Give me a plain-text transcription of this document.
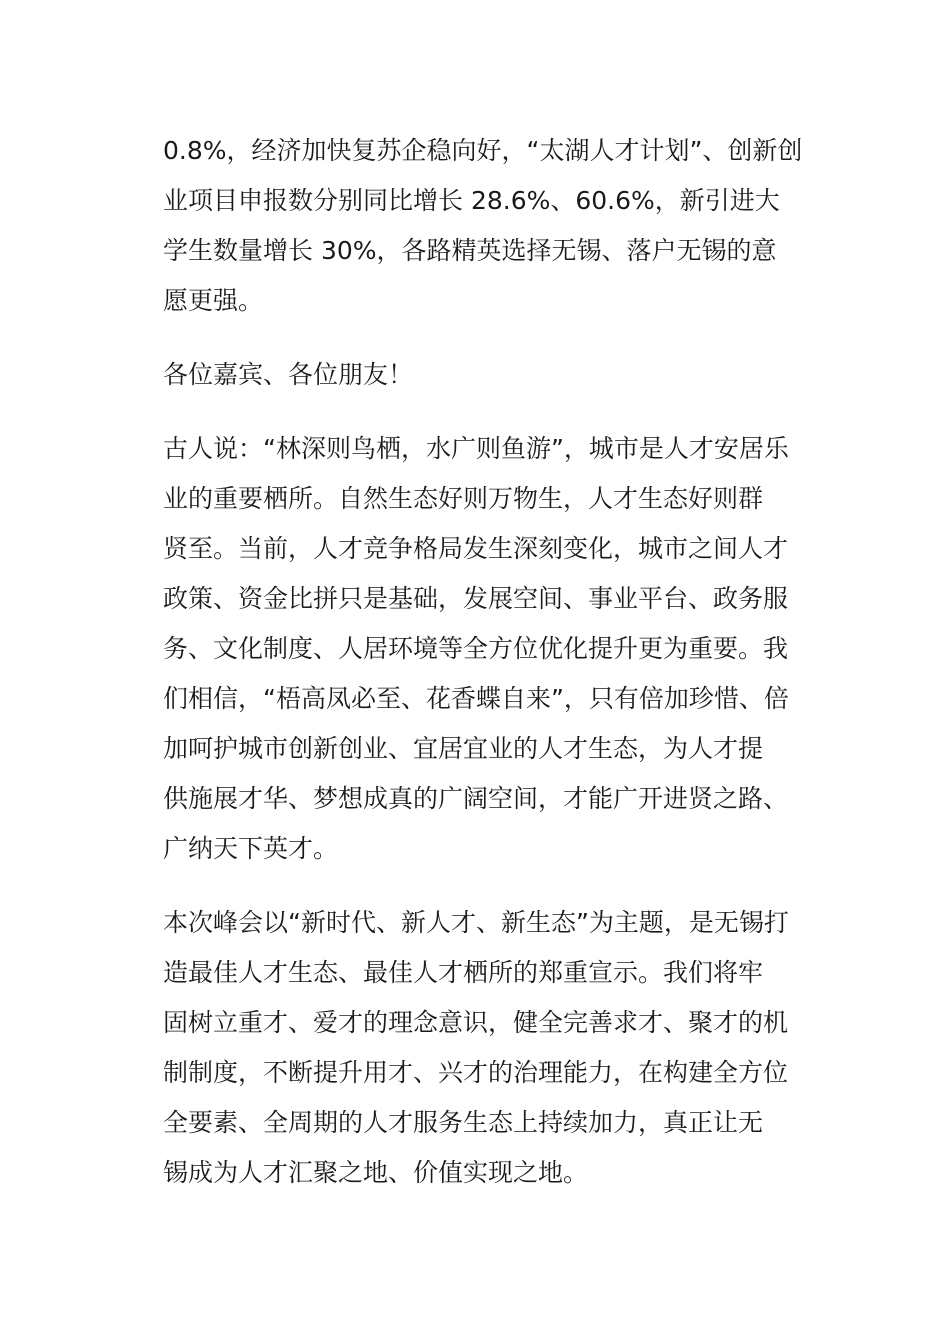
0.8%，经济加快复苏企稳向好，“太湖人才计划”、创新创
业项目申报数分别同比增长 28.6%、60.6%，新引进大
学生数量增长 30%，各路精英选择无锡、落户无锡的意
愿更强。

各位嘉宾、各位朋友！

古人说：“林深则鸟栖，水广则鱼游”，城市是人才安居乐
业的重要栖所。自然生态好则万物生，人才生态好则群
贤至。当前，人才竞争格局发生深刻变化，城市之间人才
政策、资金比拼只是基础，发展空间、事业平台、政务服
务、文化制度、人居环境等全方位优化提升更为重要。我
们相信，“梧高凤必至、花香蝶自来”，只有倍加珍惜、倍
加呵护城市创新创业、宜居宜业的人才生态，为人才提
供施展才华、梦想成真的广阔空间，才能广开进贤之路、
广纳天下英才。

本次峰会以“新时代、新人才、新生态”为主题，是无锡打
造最佳人才生态、最佳人才栖所的郑重宣示。我们将牢
固树立重才、爱才的理念意识，健全完善求才、聚才的机
制制度，不断提升用才、兴才的治理能力，在构建全方位
全要素、全周期的人才服务生态上持续加力，真正让无
锡成为人才汇聚之地、价值实现之地。
